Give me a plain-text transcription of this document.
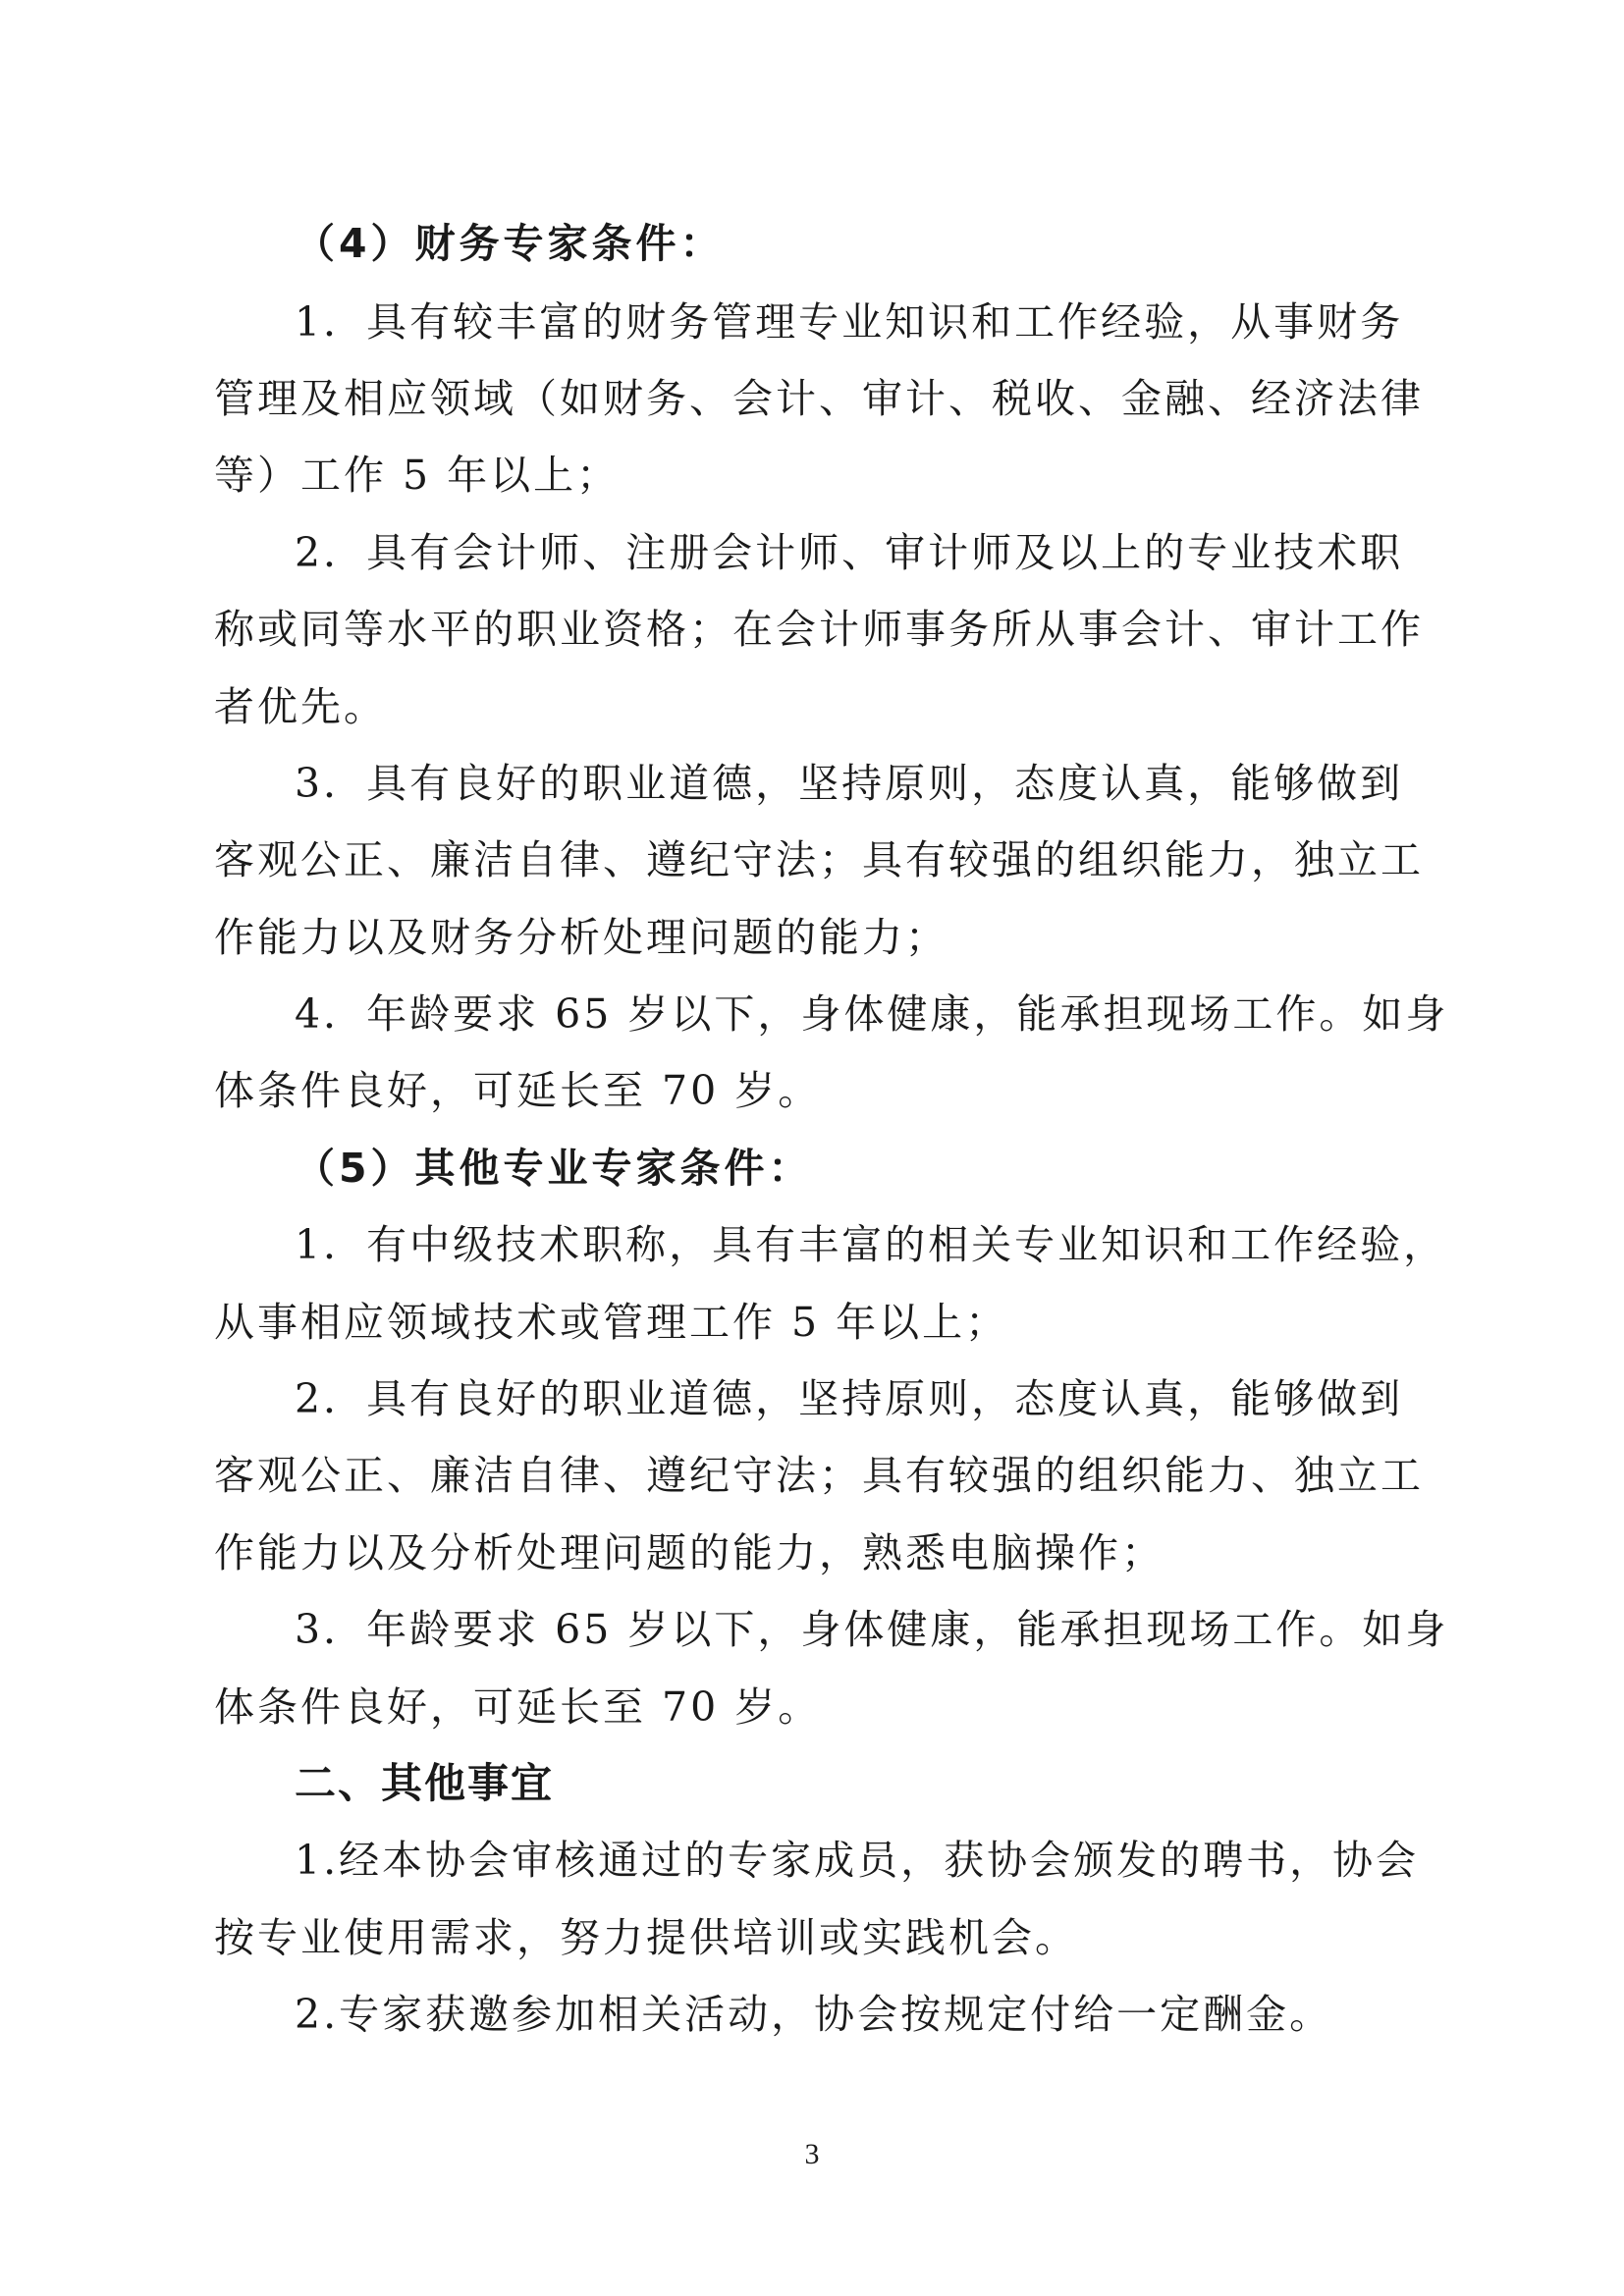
（4）财务专家条件：
1．具有较丰富的财务管理专业知识和工作经验，从事财务
管理及相应领域（如财务、会计、审计、税收、金融、经济法律
等）工作 5 年以上；
2．具有会计师、注册会计师、审计师及以上的专业技术职
称或同等水平的职业资格；在会计师事务所从事会计、审计工作
者优先。
3．具有良好的职业道德，坚持原则，态度认真，能够做到
客观公正、廉洁自律、遵纪守法；具有较强的组织能力，独立工
作能力以及财务分析处理问题的能力；
4．年龄要求 65 岁以下，身体健康，能承担现场工作。如身
体条件良好，可延长至 70 岁。
（5）其他专业专家条件：
1．有中级技术职称，具有丰富的相关专业知识和工作经验，
从事相应领域技术或管理工作 5 年以上；
2．具有良好的职业道德，坚持原则，态度认真，能够做到
客观公正、廉洁自律、遵纪守法；具有较强的组织能力、独立工
作能力以及分析处理问题的能力，熟悉电脑操作；
3．年龄要求 65 岁以下，身体健康，能承担现场工作。如身
体条件良好，可延长至 70 岁。
二、其他事宜
1.经本协会审核通过的专家成员，获协会颁发的聘书，协会
按专业使用需求，努力提供培训或实践机会。
2.专家获邀参加相关活动，协会按规定付给一定酬金。
3
